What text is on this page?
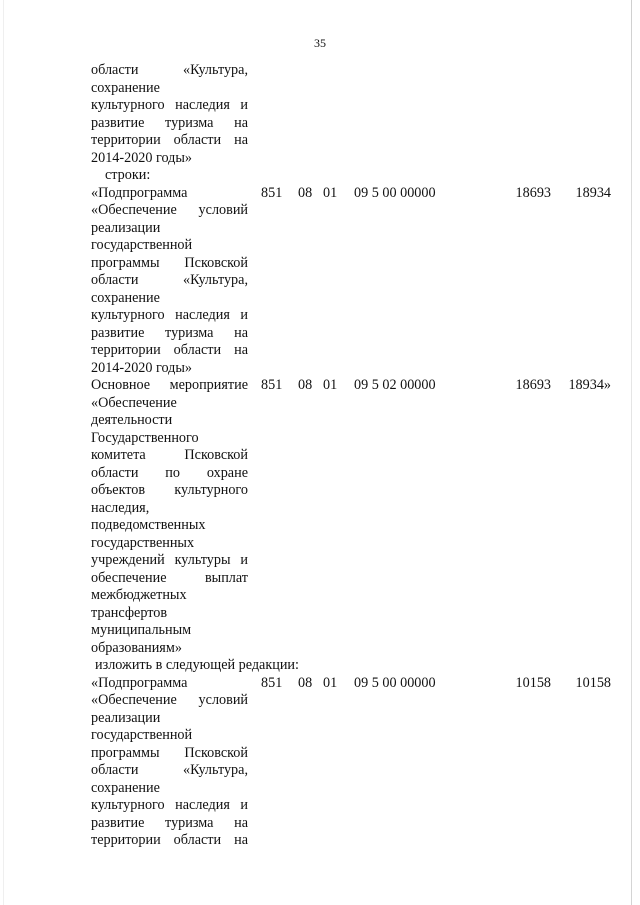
35
области «Культура,
сохранение
культурного наследия и
развитие туризма на
территории области на
2014-2020 годы»
строки:
«Подпрограмма
«Обеспечение условий
реализации
государственной
программы Псковской
области «Культура,
сохранение
культурного наследия и
развитие туризма на
территории области на
2014-2020 годы»
851 08 01 09 5 00 00000	18693 18934
Основное мероприятие
«Обеспечение
деятельности
Государственного
комитета Псковской
области по охране
объектов культурного
наследия,
подведомственных
государственных
учреждений культуры и
обеспечение выплат
межбюджетных
трансфертов
муниципальным
образованиям»
851 08 01 09 5 02 00000	18693 18934»
изложить в следующей редакции:
«Подпрограмма
«Обеспечение условий
реализации
государственной
программы Псковской
области «Культура,
сохранение
культурного наследия и
развитие туризма на
территории области на
851 08 01 09 5 00 00000	10158 10158
